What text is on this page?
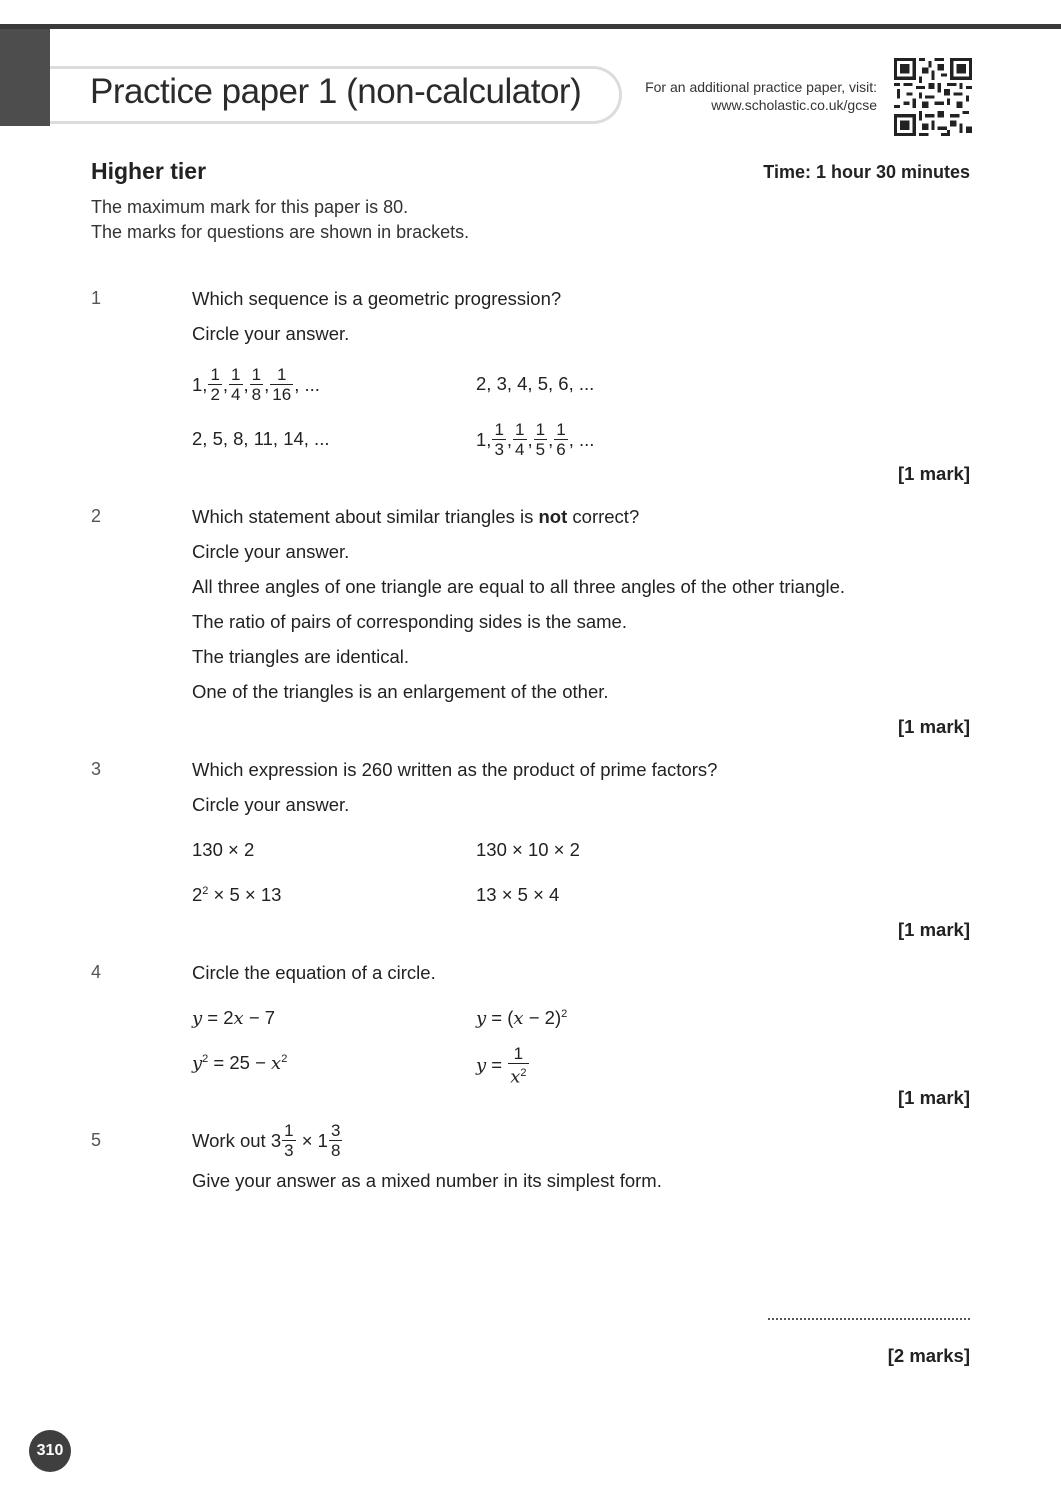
Practice paper 1 (non-calculator)	For an additional practice paper, visit:
www.scholastic.co.uk/gcse
Higher tier	Time: 1 hour 30 minutes
The maximum mark for this paper is 80.
The marks for questions are shown in brackets.
1	Which sequence is a geometric progression?
Circle your answer.
1, $\frac{1}{2}$ , $\frac{1}{4}$ , $\frac{1}{8}$ , $\frac{1}{16}$ , ...	2, 3, 4, 5, 6, ...
2, 5, 8, 11, 14, ...	1, $\frac{1}{3}$ , $\frac{1}{4}$ , $\frac{1}{5}$ , $\frac{1}{6}$ , ...
[1 mark]
2	Which statement about similar triangles is not correct?
Circle your answer.
All three angles of one triangle are equal to all three angles of the other triangle.
The ratio of pairs of corresponding sides is the same.
The triangles are identical.
One of the triangles is an enlargement of the other.
[1 mark]
3	Which expression is 260 written as the product of prime factors?
Circle your answer.
130 × 2	130 × 10 × 2
$2^2 \times 5 \times 13$	13 × 5 × 4
[1 mark]
4	Circle the equation of a circle.
y = 2x − 7	$y = (x - 2)^2$
$y^2 = 25 - x^2$	$y = \frac{1}{x^2}$
[1 mark]
5	Work out $3 \frac{1}{3} \times 1 \frac{3}{8}$
Give your answer as a mixed number in its simplest form.
[2 marks]
310
